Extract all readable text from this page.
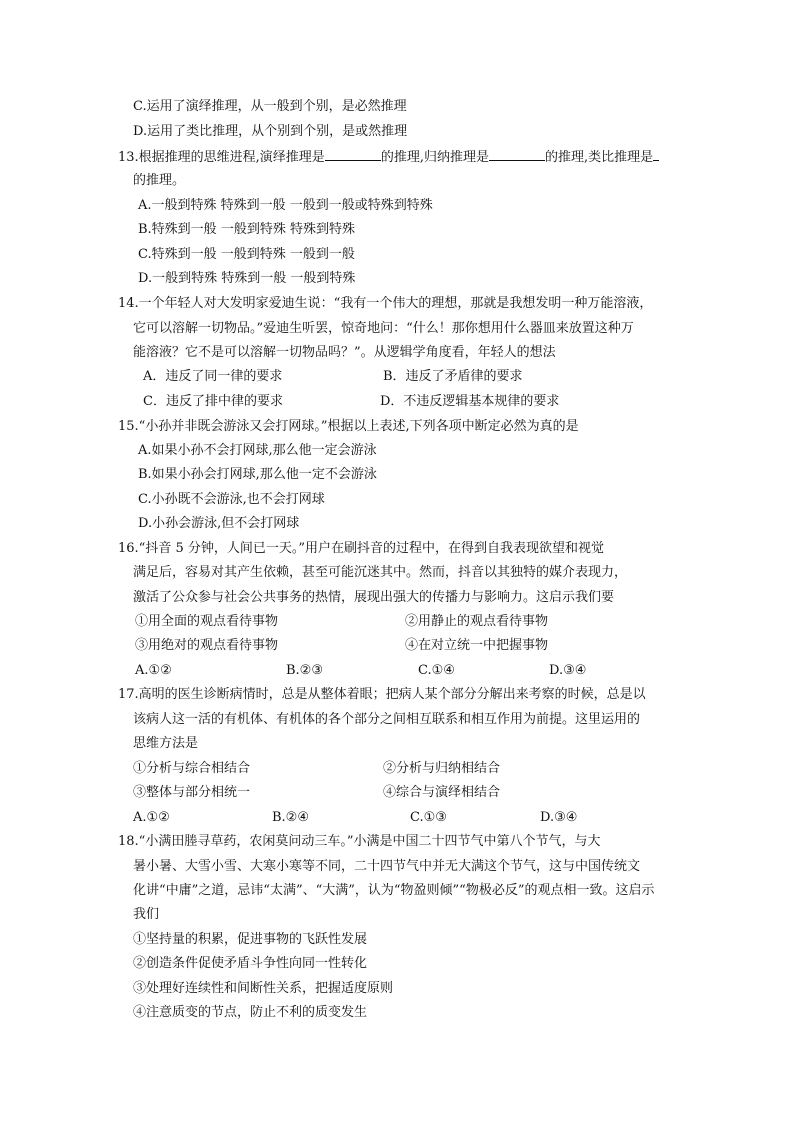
C.运用了演绎推理，从一般到个别，是必然推理
D.运用了类比推理，从个别到个别，是或然推理
13.根据推理的思维进程,演绎推理是	的推理,归纳推理是	的推理,类比推理是
的推理。
A.一般到特殊 特殊到一般 一般到一般或特殊到特殊
B.特殊到一般 一般到特殊 特殊到特殊
C.特殊到一般 一般到特殊 一般到一般
D.一般到特殊 特殊到一般 一般到特殊
14.一个年轻人对大发明家爱迪生说：“我有一个伟大的理想，那就是我想发明一种万能溶液，
它可以溶解一切物品。”爱迪生听罢，惊奇地问：“什么！那你想用什么器皿来放置这种万
能溶液？它不是可以溶解一切物品吗？”。从逻辑学角度看，年轻人的想法
A．违反了同一律的要求	B．违反了矛盾律的要求
C．违反了排中律的要求	D．不违反逻辑基本规律的要求
15.“小孙并非既会游泳又会打网球。”根据以上表述,下列各项中断定必然为真的是
A.如果小孙不会打网球,那么他一定会游泳
B.如果小孙会打网球,那么他一定不会游泳
C.小孙既不会游泳,也不会打网球
D.小孙会游泳,但不会打网球
16.“抖音 5 分钟，人间已一天。”用户在刷抖音的过程中，在得到自我表现欲望和视觉
满足后，容易对其产生依赖，甚至可能沉迷其中。然而，抖音以其独特的媒介表现力，
激活了公众参与社会公共事务的热情，展现出强大的传播力与影响力。这启示我们要
①用全面的观点看待事物	②用静止的观点看待事物
③用绝对的观点看待事物	④在对立统一中把握事物
A.①②	B.②③	C.①④	D.③④
17.高明的医生诊断病情时，总是从整体着眼；把病人某个部分分解出来考察的时候，总是以
该病人这一活的有机体、有机体的各个部分之间相互联系和相互作用为前提。这里运用的
思维方法是
①分析与综合相结合	②分析与归纳相结合
③整体与部分相统一	④综合与演绎相结合
A.①②	B.②④	C.①③	D.③④
18.“小满田塍寻草药，农闲莫问动三车。”小满是中国二十四节气中第八个节气，与大
暑小暑、大雪小雪、大寒小寒等不同，二十四节气中并无大满这个节气，这与中国传统文
化讲“中庸”之道，忌讳“太满”、“大满”，认为“物盈则倾”“物极必反”的观点相一致。这启示
我们
①坚持量的积累，促进事物的飞跃性发展
②创造条件促使矛盾斗争性向同一性转化
③处理好连续性和间断性关系，把握适度原则
④注意质变的节点，防止不利的质变发生
